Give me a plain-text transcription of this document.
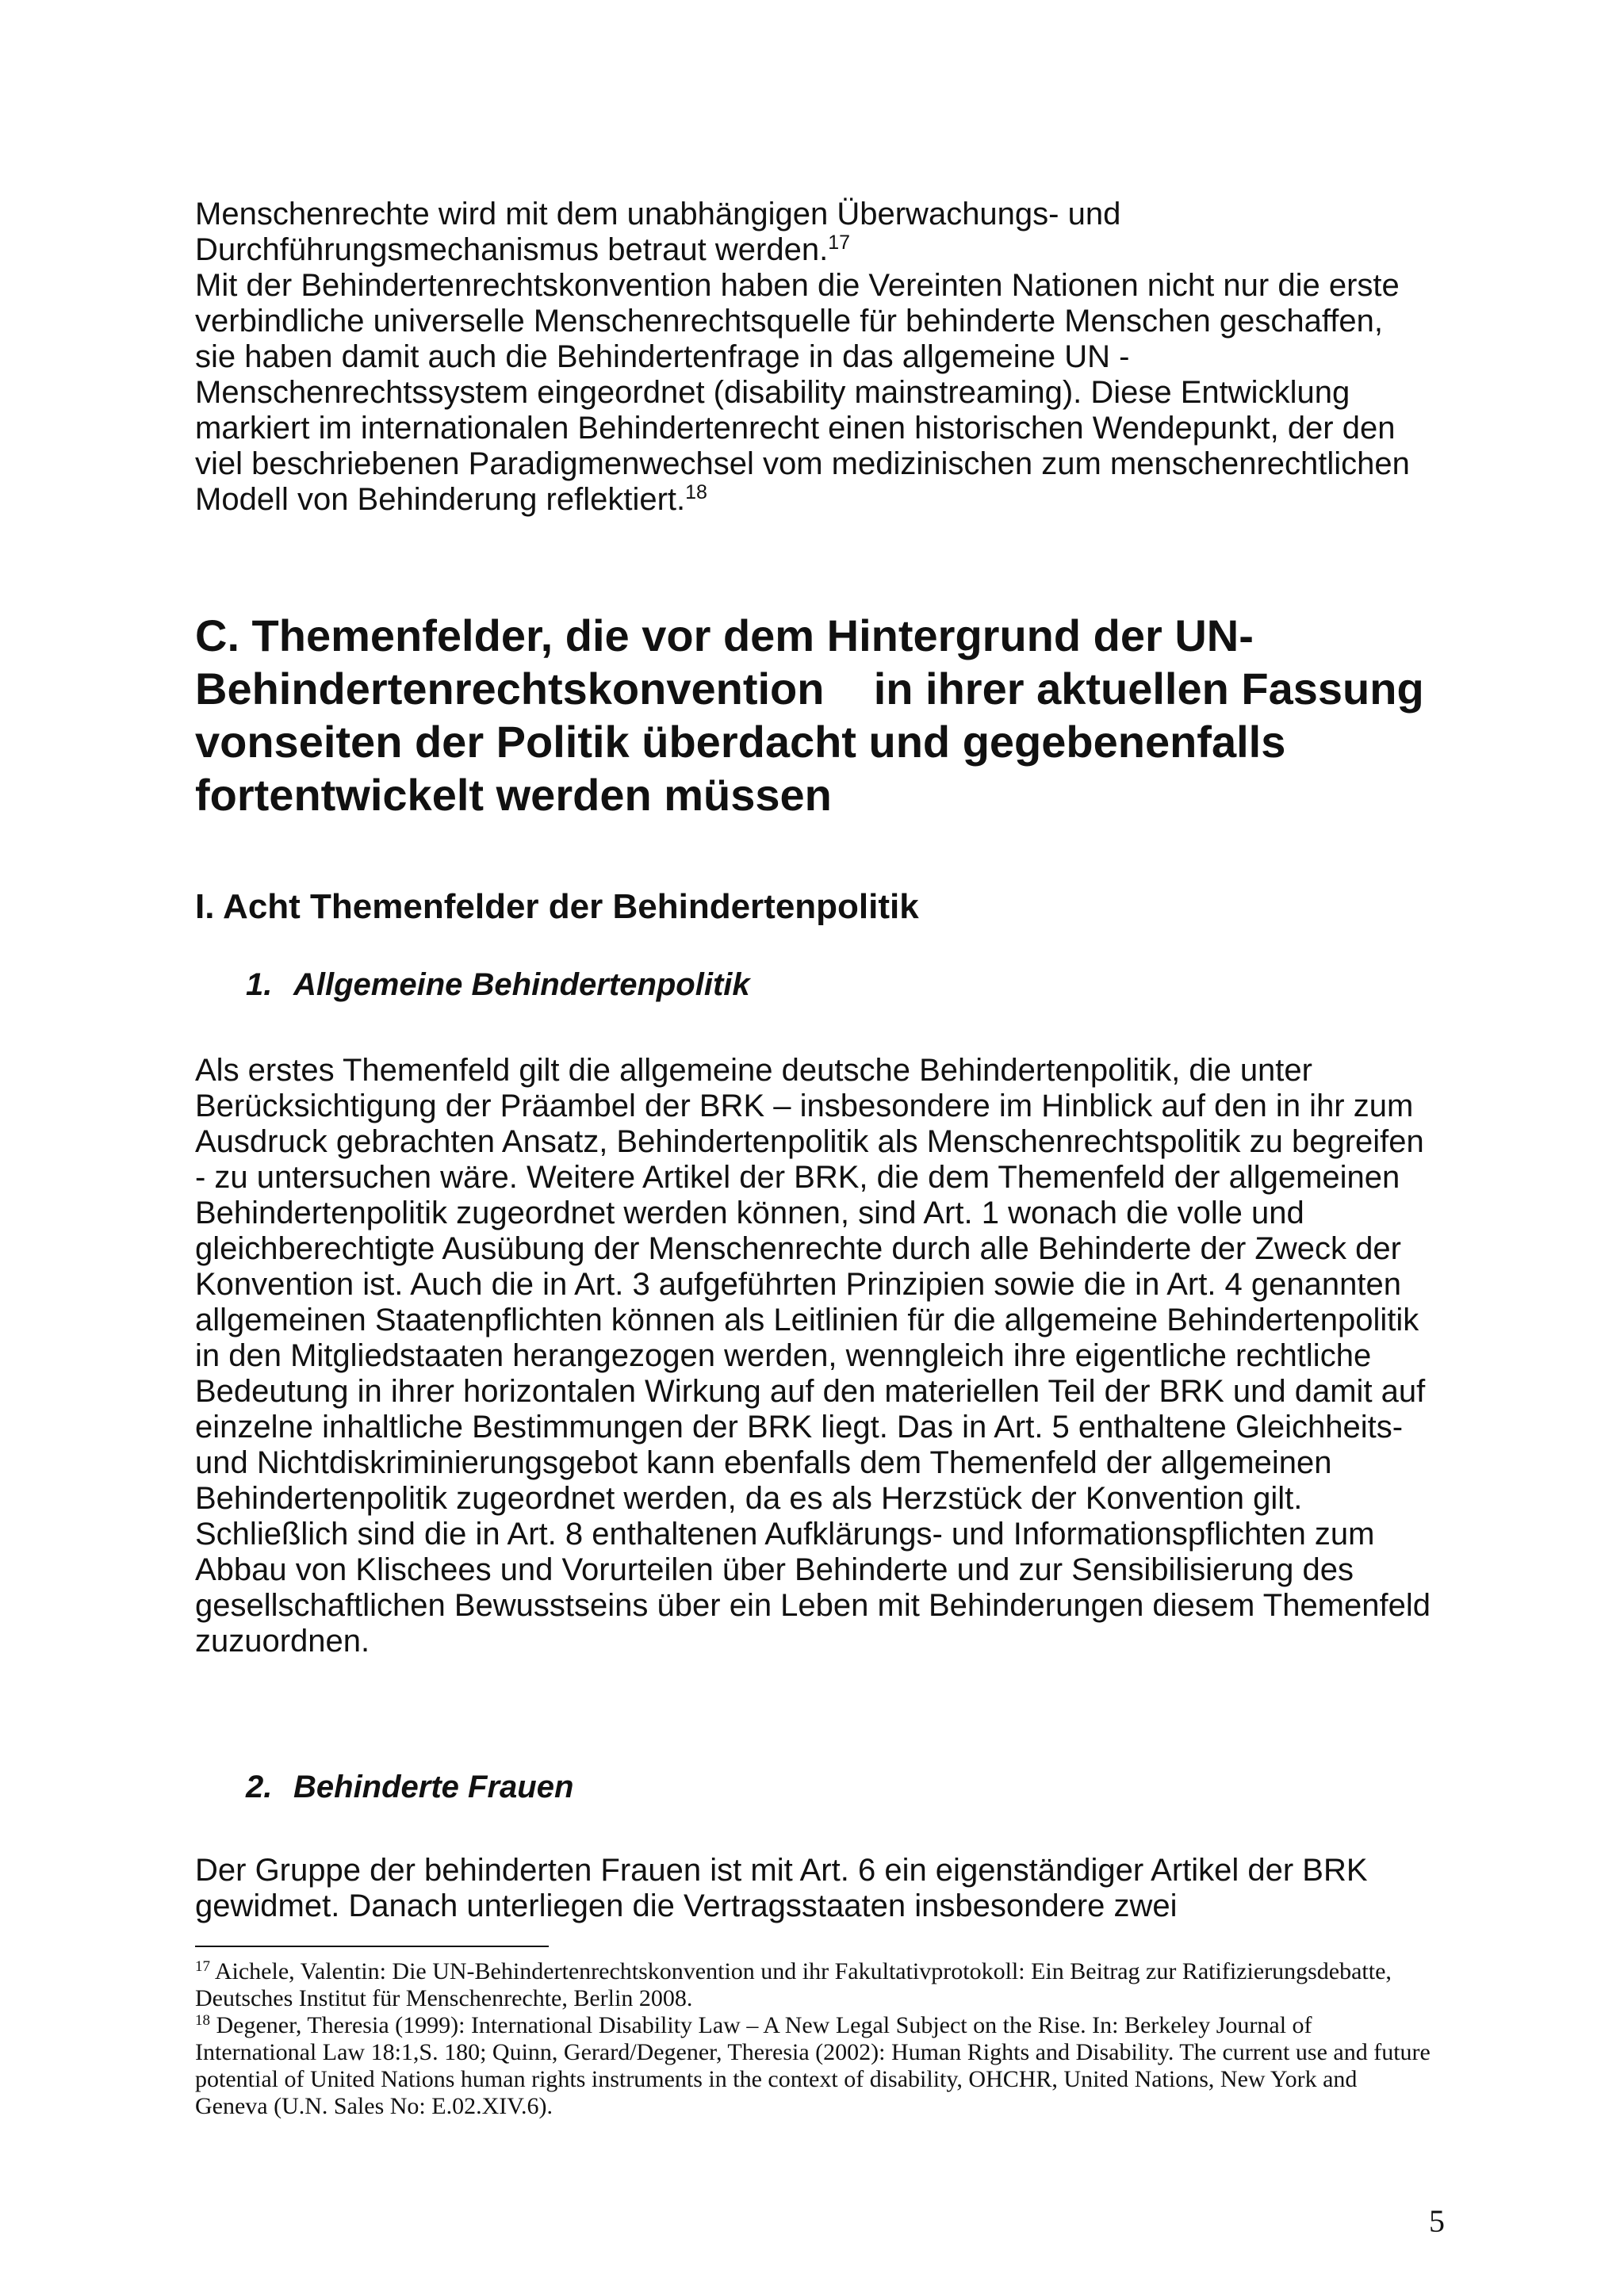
Menschenrechte wird mit dem unabhängigen Überwachungs- und
Durchführungsmechanismus betraut werden.$^{17}$
Mit der Behindertenrechtskonvention haben die Vereinten Nationen nicht nur die erste verbindliche universelle Menschenrechtsquelle für behinderte Menschen geschaffen, sie haben damit auch die Behindertenfrage in das allgemeine UN - Menschenrechtssystem eingeordnet (disability mainstreaming). Diese Entwicklung markiert im internationalen Behindertenrecht einen historischen Wendepunkt, der den viel beschriebenen Paradigmenwechsel vom medizinischen zum menschenrechtlichen Modell von Behinderung reflektiert.$^{18}$

C. Themenfelder, die vor dem Hintergrund der UN-
Behindertenrechtskonvention in ihrer aktuellen Fassung
vonseiten der Politik überdacht und gegebenenfalls
fortentwickelt werden müssen
I. Acht Themenfelder der Behindertenpolitik
1. Allgemeine Behindertenpolitik

Als erstes Themenfeld gilt die allgemeine deutsche Behindertenpolitik, die unter Berücksichtigung der Präambel der BRK – insbesondere im Hinblick auf den in ihr zum Ausdruck gebrachten Ansatz, Behindertenpolitik als Menschenrechtspolitik zu begreifen - zu untersuchen wäre. Weitere Artikel der BRK, die dem Themenfeld der allgemeinen Behindertenpolitik zugeordnet werden können, sind Art. 1 wonach die volle und gleichberechtigte Ausübung der Menschenrechte durch alle Behinderte der Zweck der Konvention ist. Auch die in Art. 3 aufgeführten Prinzipien sowie die in Art. 4 genannten allgemeinen Staatenpflichten können als Leitlinien für die allgemeine Behindertenpolitik in den Mitgliedstaaten herangezogen werden, wenngleich ihre eigentliche rechtliche Bedeutung in ihrer horizontalen Wirkung auf den materiellen Teil der BRK und damit auf einzelne inhaltliche Bestimmungen der BRK liegt. Das in Art. 5 enthaltene Gleichheits- und Nichtdiskriminierungsgebot kann ebenfalls dem Themenfeld der allgemeinen Behindertenpolitik zugeordnet werden, da es als Herzstück der Konvention gilt. Schließlich sind die in Art. 8 enthaltenen Aufklärungs- und Informationspflichten zum Abbau von Klischees und Vorurteilen über Behinderte und zur Sensibilisierung des gesellschaftlichen Bewusstseins über ein Leben mit Behinderungen diesem Themenfeld zuzuordnen.

2. Behinderte Frauen

Der Gruppe der behinderten Frauen ist mit Art. 6 ein eigenständiger Artikel der BRK gewidmet. Danach unterliegen die Vertragsstaaten insbesondere zwei

$^{17}$ Aichele, Valentin: Die UN-Behindertenrechtskonvention und ihr Fakultativprotokoll: Ein Beitrag zur Ratifizierungsdebatte, Deutsches Institut für Menschenrechte, Berlin 2008.

$^{18}$ Degener, Theresia (1999): International Disability Law – A New Legal Subject on the Rise. In: Berkeley Journal of International Law 18:1,S. 180; Quinn, Gerard/Degener, Theresia (2002): Human Rights and Disability. The current use and future potential of United Nations human rights instruments in the context of disability, OHCHR, United Nations, New York and Geneva (U.N. Sales No: E.02.XIV.6).

5
